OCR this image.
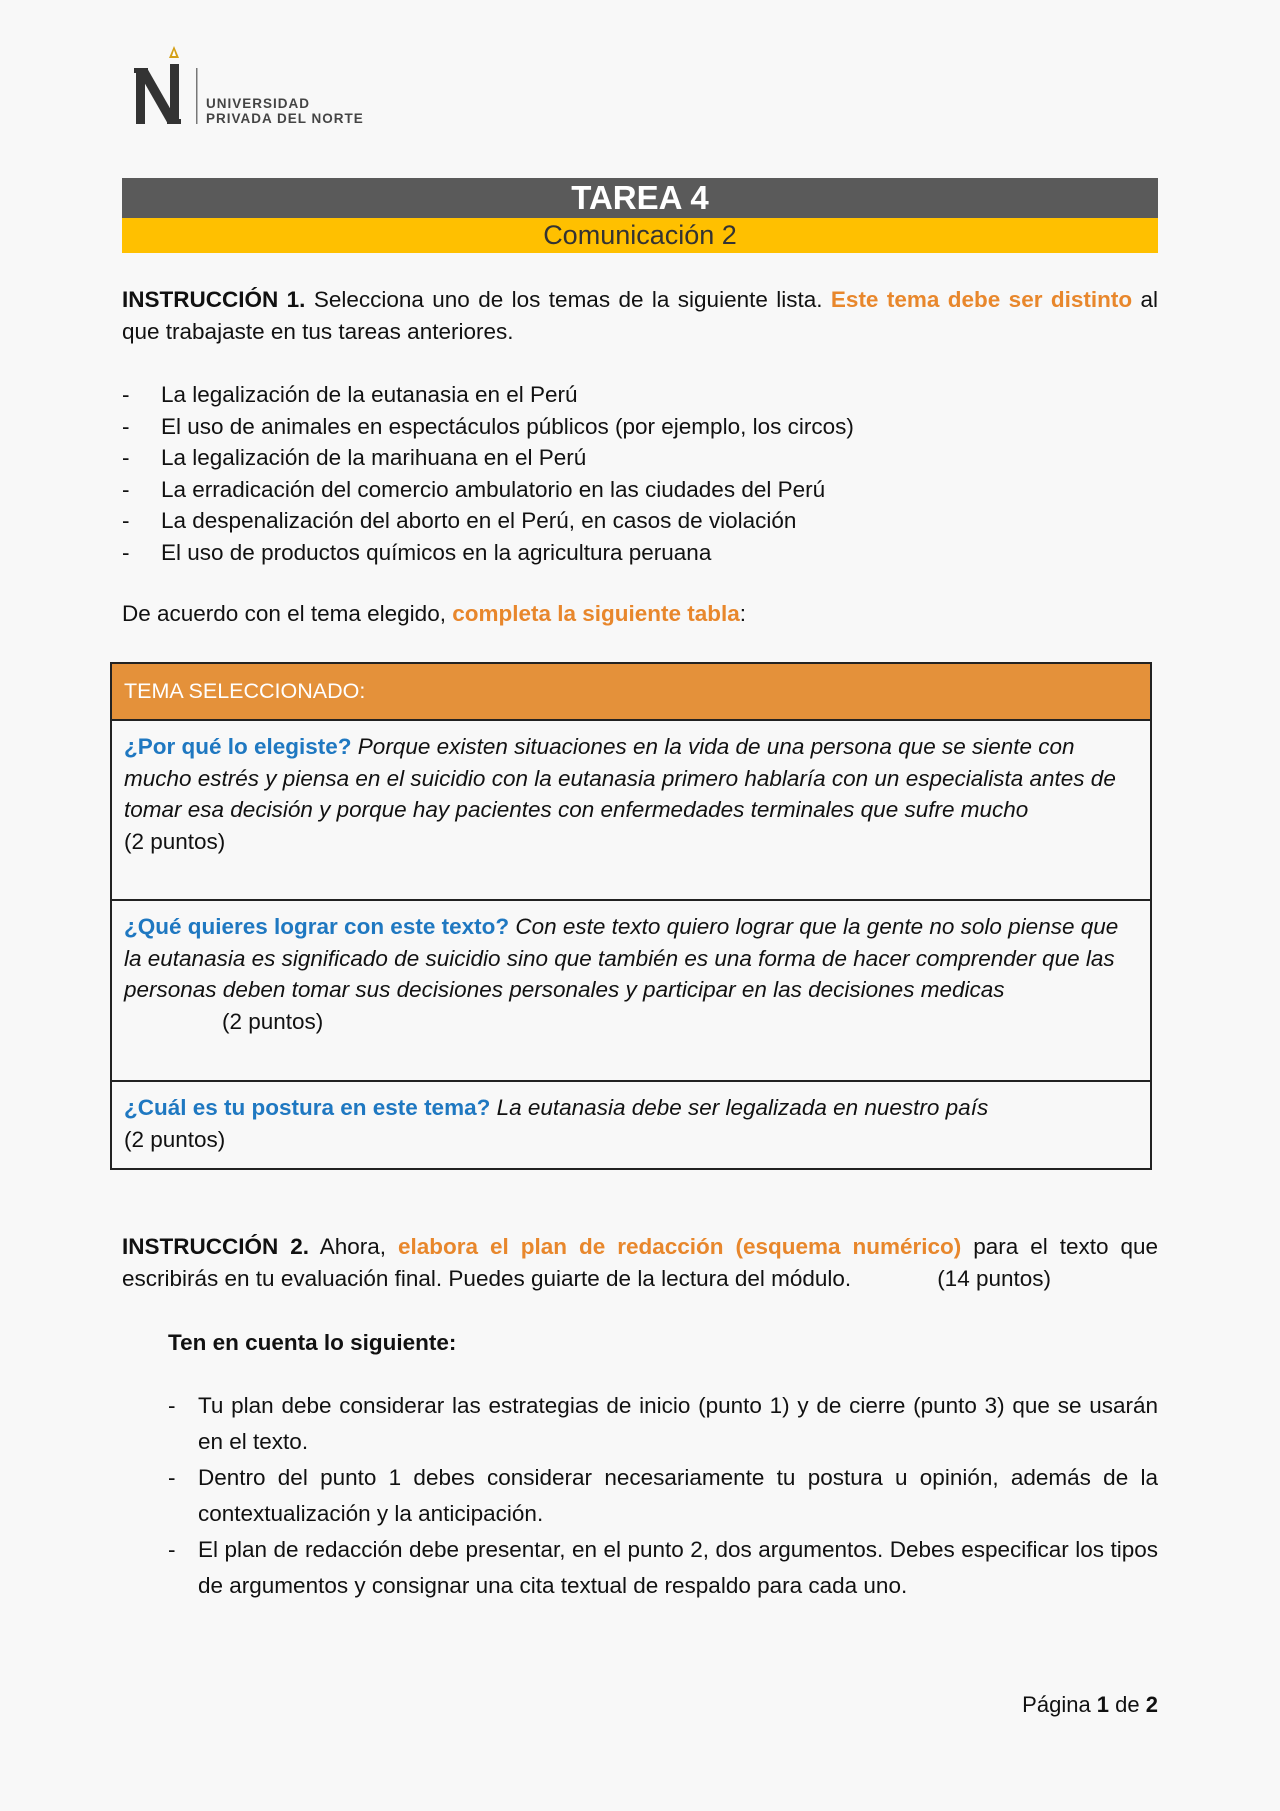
UNIVERSIDAD
PRIVADA DEL NORTE
TAREA 4
Comunicación 2
INSTRUCCIÓN 1. Selecciona uno de los temas de la siguiente lista. Este tema debe ser distinto al que trabajaste en tus tareas anteriores.
- La legalización de la eutanasia en el Perú
- El uso de animales en espectáculos públicos (por ejemplo, los circos)
- La legalización de la marihuana en el Perú
- La erradicación del comercio ambulatorio en las ciudades del Perú
- La despenalización del aborto en el Perú, en casos de violación
- El uso de productos químicos en la agricultura peruana
De acuerdo con el tema elegido, completa la siguiente tabla:
TEMA SELECCIONADO:
¿Por qué lo elegiste? Porque existen situaciones en la vida de una persona que se siente con mucho estrés y piensa en el suicidio con la eutanasia primero hablaría con un especialista antes de tomar esa decisión y porque hay pacientes con enfermedades terminales que sufre mucho
(2 puntos)
¿Qué quieres lograr con este texto? Con este texto quiero lograr que la gente no solo piense que la eutanasia es significado de suicidio sino que también es una forma de hacer comprender que las personas deben tomar sus decisiones personales y participar en las decisiones medicas
(2 puntos)
¿Cuál es tu postura en este tema? La eutanasia debe ser legalizada en nuestro país
(2 puntos)
INSTRUCCIÓN 2. Ahora, elabora el plan de redacción (esquema numérico) para el texto que escribirás en tu evaluación final. Puedes guiarte de la lectura del módulo.	(14 puntos)
Ten en cuenta lo siguiente:
- Tu plan debe considerar las estrategias de inicio (punto 1) y de cierre (punto 3) que se usarán en el texto.
- Dentro del punto 1 debes considerar necesariamente tu postura u opinión, además de la contextualización y la anticipación.
- El plan de redacción debe presentar, en el punto 2, dos argumentos. Debes especificar los tipos de argumentos y consignar una cita textual de respaldo para cada uno.
Página 1 de 2
